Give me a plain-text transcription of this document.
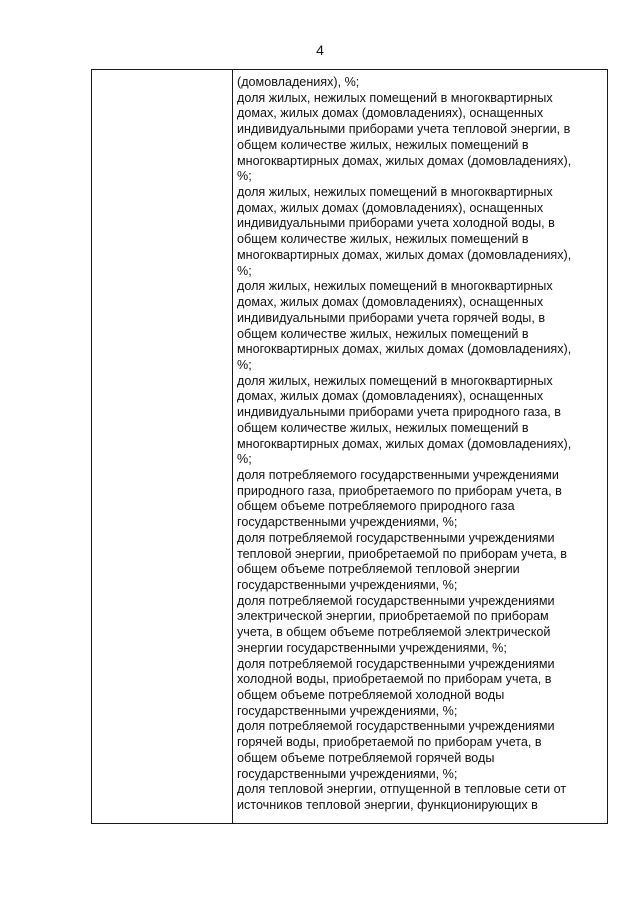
4
(домовладениях), %;
доля жилых, нежилых помещений в многоквартирных
домах, жилых домах (домовладениях), оснащенных
индивидуальными приборами учета тепловой энергии, в
общем количестве жилых, нежилых помещений в
многоквартирных домах, жилых домах (домовладениях),
%;
доля жилых, нежилых помещений в многоквартирных
домах, жилых домах (домовладениях), оснащенных
индивидуальными приборами учета холодной воды, в
общем количестве жилых, нежилых помещений в
многоквартирных домах, жилых домах (домовладениях),
%;
доля жилых, нежилых помещений в многоквартирных
домах, жилых домах (домовладениях), оснащенных
индивидуальными приборами учета горячей воды, в
общем количестве жилых, нежилых помещений в
многоквартирных домах, жилых домах (домовладениях),
%;
доля жилых, нежилых помещений в многоквартирных
домах, жилых домах (домовладениях), оснащенных
индивидуальными приборами учета природного газа, в
общем количестве жилых, нежилых помещений в
многоквартирных домах, жилых домах (домовладениях),
%;
доля потребляемого государственными учреждениями
природного газа, приобретаемого по приборам учета, в
общем объеме потребляемого природного газа
государственными учреждениями, %;
доля потребляемой государственными учреждениями
тепловой энергии, приобретаемой по приборам учета, в
общем объеме потребляемой тепловой энергии
государственными учреждениями, %;
доля потребляемой государственными учреждениями
электрической энергии, приобретаемой по приборам
учета, в общем объеме потребляемой электрической
энергии государственными учреждениями, %;
доля потребляемой государственными учреждениями
холодной воды, приобретаемой по приборам учета, в
общем объеме потребляемой холодной воды
государственными учреждениями, %;
доля потребляемой государственными учреждениями
горячей воды, приобретаемой по приборам учета, в
общем объеме потребляемой горячей воды
государственными учреждениями, %;
доля тепловой энергии, отпущенной в тепловые сети от
источников тепловой энергии, функционирующих в
